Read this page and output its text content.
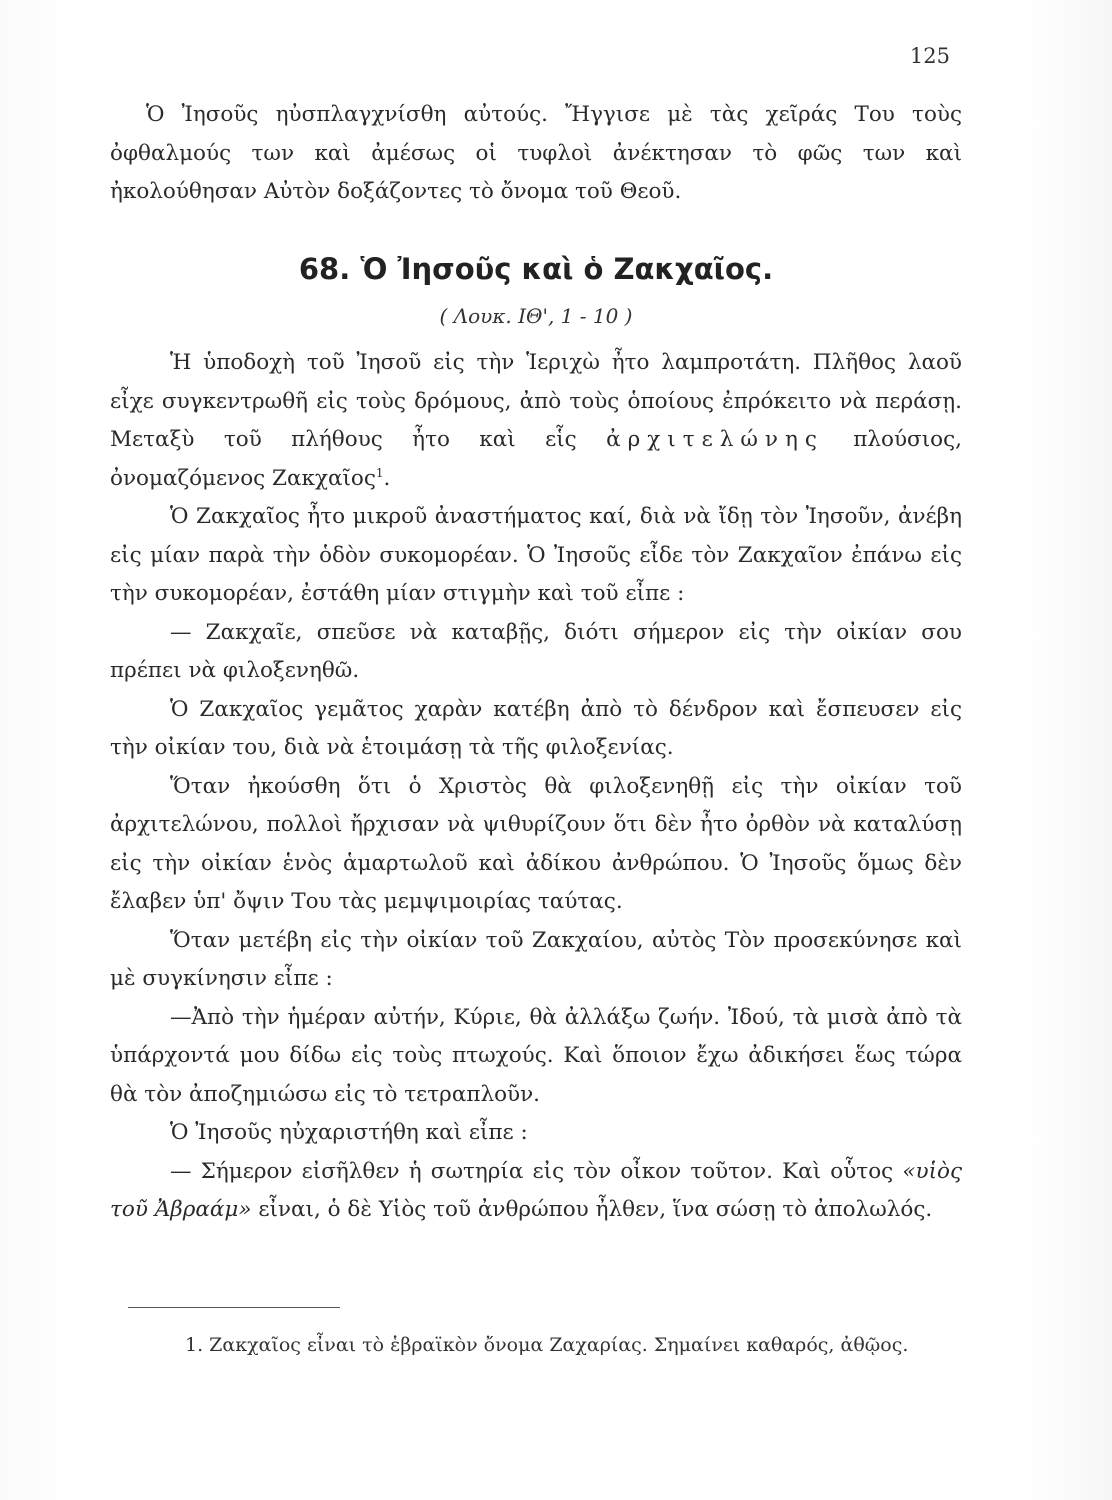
125

Ὁ Ἰησοῦς ηὐσπλαγχνίσθη αὐτούς. Ἤγγισε μὲ τὰς χεῖράς Του τοὺς ὀφθαλμούς των καὶ ἀμέσως οἱ τυφλοὶ ἀνέκτησαν τὸ φῶς των καὶ ἠκολούθησαν Αὐτὸν δοξάζοντες τὸ ὄνομα τοῦ Θεοῦ.

68. Ὁ Ἰησοῦς καὶ ὁ Ζακχαῖος.
( Λουκ. ΙΘ', 1 - 10 )

Ἡ ὑποδοχὴ τοῦ Ἰησοῦ εἰς τὴν Ἱεριχὼ ἦτο λαμπροτάτη. Πλῆθος λαοῦ εἶχε συγκεντρωθῆ εἰς τοὺς δρόμους, ἀπὸ τοὺς ὁποίους ἐπρόκειτο νὰ περάσῃ. Μεταξὺ τοῦ πλήθους ἦτο καὶ εἷς ἀρχιτελώνης πλούσιος, ὀνομαζόμενος Ζακχαῖος$^1$.

Ὁ Ζακχαῖος ἦτο μικροῦ ἀναστήματος καί, διὰ νὰ ἴδῃ τὸν Ἰησοῦν, ἀνέβη εἰς μίαν παρὰ τὴν ὁδὸν συκομορέαν. Ὁ Ἰησοῦς εἶδε τὸν Ζακχαῖον ἐπάνω εἰς τὴν συκομορέαν, ἐστάθη μίαν στιγμὴν καὶ τοῦ εἶπε :

— Ζακχαῖε, σπεῦσε νὰ καταβῇς, διότι σήμερον εἰς τὴν οἰκίαν σου πρέπει νὰ φιλοξενηθῶ.

Ὁ Ζακχαῖος γεμᾶτος χαρὰν κατέβη ἀπὸ τὸ δένδρον καὶ ἔσπευσεν εἰς τὴν οἰκίαν του, διὰ νὰ ἑτοιμάσῃ τὰ τῆς φιλοξενίας.

Ὅταν ἠκούσθη ὅτι ὁ Χριστὸς θὰ φιλοξενηθῇ εἰς τὴν οἰκίαν τοῦ ἀρχιτελώνου, πολλοὶ ἤρχισαν νὰ ψιθυρίζουν ὅτι δὲν ἦτο ὀρθὸν νὰ καταλύσῃ εἰς τὴν οἰκίαν ἑνὸς ἁμαρτωλοῦ καὶ ἀδίκου ἀνθρώπου. Ὁ Ἰησοῦς ὅμως δὲν ἔλαβεν ὑπ' ὄψιν Του τὰς μεμψιμοιρίας ταύτας.

Ὅταν μετέβη εἰς τὴν οἰκίαν τοῦ Ζακχαίου, αὐτὸς Τὸν προσεκύνησε καὶ μὲ συγκίνησιν εἶπε :

—Ἀπὸ τὴν ἡμέραν αὐτήν, Κύριε, θὰ ἀλλάξω ζωήν. Ἰδού, τὰ μισὰ ἀπὸ τὰ ὑπάρχοντά μου δίδω εἰς τοὺς πτωχούς. Καὶ ὅποιον ἔχω ἀδικήσει ἕως τώρα θὰ τὸν ἀποζημιώσω εἰς τὸ τετραπλοῦν.

Ὁ Ἰησοῦς ηὐχαριστήθη καὶ εἶπε :

— Σήμερον εἰσῆλθεν ἡ σωτηρία εἰς τὸν οἶκον τοῦτον. Καὶ οὗτος «υἱὸς τοῦ Ἀβραάμ» εἶναι, ὁ δὲ Υἱὸς τοῦ ἀνθρώπου ἦλθεν, ἵνα σώσῃ τὸ ἀπολωλός.

1. Ζακχαῖος εἶναι τὸ ἑβραϊκὸν ὄνομα Ζαχαρίας. Σημαίνει καθαρός, ἀθῷος.
